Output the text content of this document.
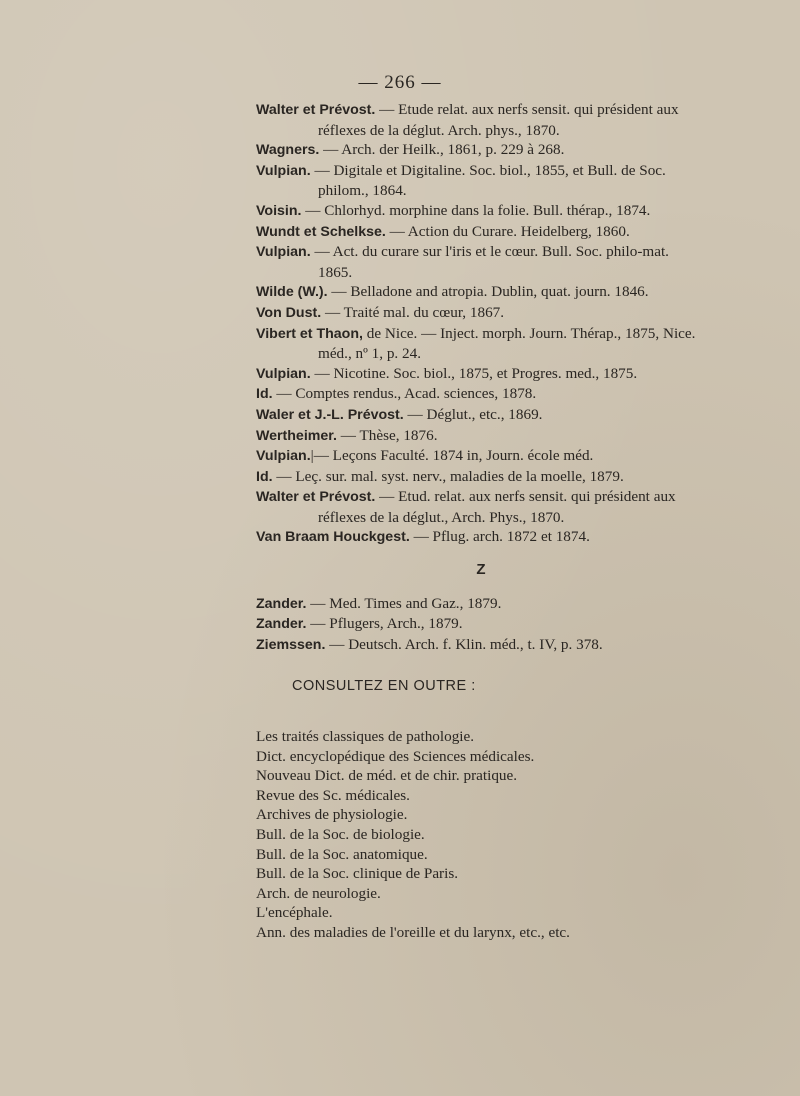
— 266 —

Walter et Prévost. — Etude relat. aux nerfs sensit. qui président aux réflexes de la déglut. Arch. phys., 1870.

Wagners. — Arch. der Heilk., 1861, p. 229 à 268.

Vulpian. — Digitale et Digitaline. Soc. biol., 1855, et Bull. de Soc. philom., 1864.

Voisin. — Chlorhyd. morphine dans la folie. Bull. thérap., 1874.

Wundt et Schelkse. — Action du Curare. Heidelberg, 1860.

Vulpian. — Act. du curare sur l'iris et le cœur. Bull. Soc. philo-mat. 1865.

Wilde (W.). — Belladone and atropia. Dublin, quat. journ. 1846.

Von Dust. — Traité mal. du cœur, 1867.

Vibert et Thaon, de Nice. — Inject. morph. Journ. Thérap., 1875, Nice. méd., nº 1, p. 24.

Vulpian. — Nicotine. Soc. biol., 1875, et Progres. med., 1875.

Id. — Comptes rendus., Acad. sciences, 1878.

Waler et J.-L. Prévost. — Déglut., etc., 1869.

Wertheimer. — Thèse, 1876.

Vulpian.|— Leçons Faculté. 1874 in, Journ. école méd.

Id. — Leç. sur. mal. syst. nerv., maladies de la moelle, 1879.

Walter et Prévost. — Etud. relat. aux nerfs sensit. qui président aux réflexes de la déglut., Arch. Phys., 1870.

Van Braam Houckgest. — Pflug. arch. 1872 et 1874.

Z

Zander. — Med. Times and Gaz., 1879.

Zander. — Pflugers, Arch., 1879.

Ziemssen. — Deutsch. Arch. f. Klin. méd., t. IV, p. 378.

CONSULTEZ EN OUTRE :

Les traités classiques de pathologie.

Dict. encyclopédique des Sciences médicales.

Nouveau Dict. de méd. et de chir. pratique.

Revue des Sc. médicales.

Archives de physiologie.

Bull. de la Soc. de biologie.

Bull. de la Soc. anatomique.

Bull. de la Soc. clinique de Paris.

Arch. de neurologie.

L'encéphale.

Ann. des maladies de l'oreille et du larynx, etc., etc.
